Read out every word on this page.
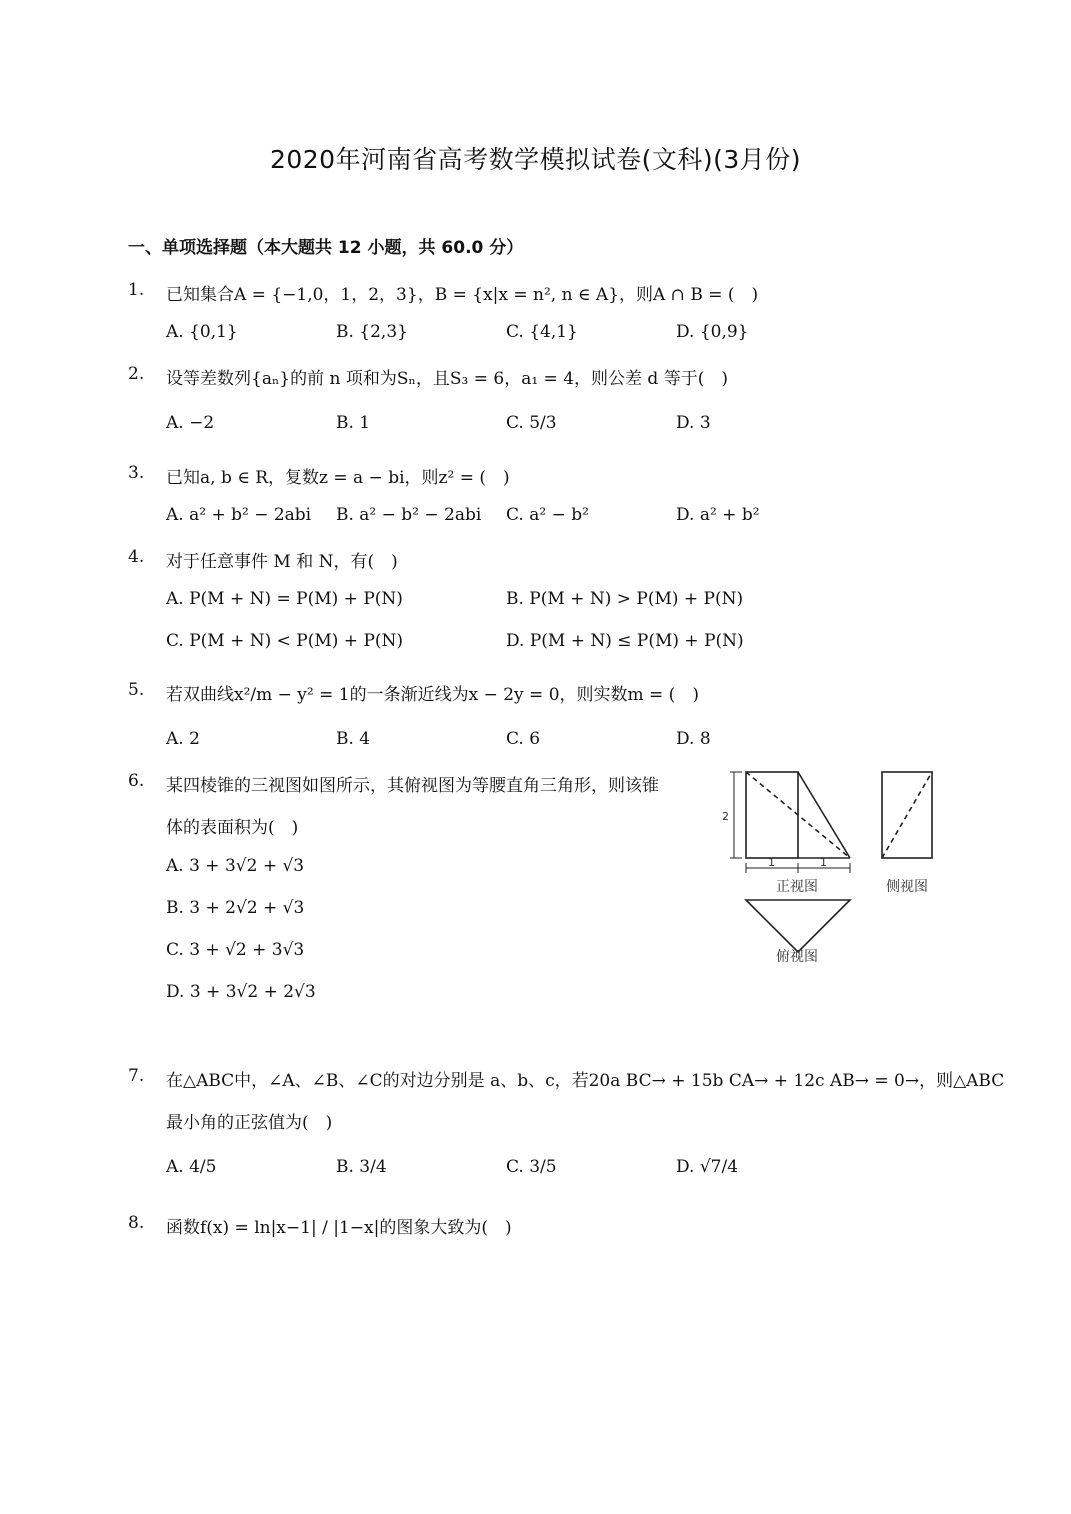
2020年河南省高考数学模拟试卷(文科)(3月份)
一、单项选择题（本大题共 12 小题，共 60.0 分）
1. 已知集合A = {−1,0，1，2，3}，B = {x|x = n², n ∈ A}，则A ∩ B = (　)
A. {0,1}	B. {2,3}	C. {4,1}	D. {0,9}
2. 设等差数列{aₙ}的前 n 项和为Sₙ，且S₃ = 6，a₁ = 4，则公差 d 等于(　)
A. −2	B. 1	C. 5/3	D. 3
3. 已知a, b ∈ R，复数z = a − bi，则z² = (　)
A. a² + b² − 2abi B. a² − b² − 2abi C. a² − b²	D. a² + b²
4. 对于任意事件 M 和 N，有(　)
A. P(M + N) = P(M) + P(N)	B. P(M + N) > P(M) + P(N)
C. P(M + N) < P(M) + P(N)	D. P(M + N) ≤ P(M) + P(N)
5. 若双曲线x²/m − y² = 1的一条渐近线为x − 2y = 0，则实数m = (　)
A. 2	B. 4	C. 6	D. 8
6. 某四棱锥的三视图如图所示，其俯视图为等腰直角三角形，则该锥
体的表面积为(　)
A. 3 + 3√2 + √3
B. 3 + 2√2 + √3
C. 3 + √2 + 3√3
D. 3 + 3√2 + 2√3
2
1	1
正视图	侧视图
俯视图
7. 在△ABC中，∠A、∠B、∠C的对边分别是 a、b、c，若20a BC→ + 15b CA→ + 12c AB→ = 0→，则△ABC
最小角的正弦值为(　)
A. 4/5	B. 3/4	C. 3/5	D. √7/4
8. 函数f(x) = ln|x−1| / |1−x|的图象大致为(　)
